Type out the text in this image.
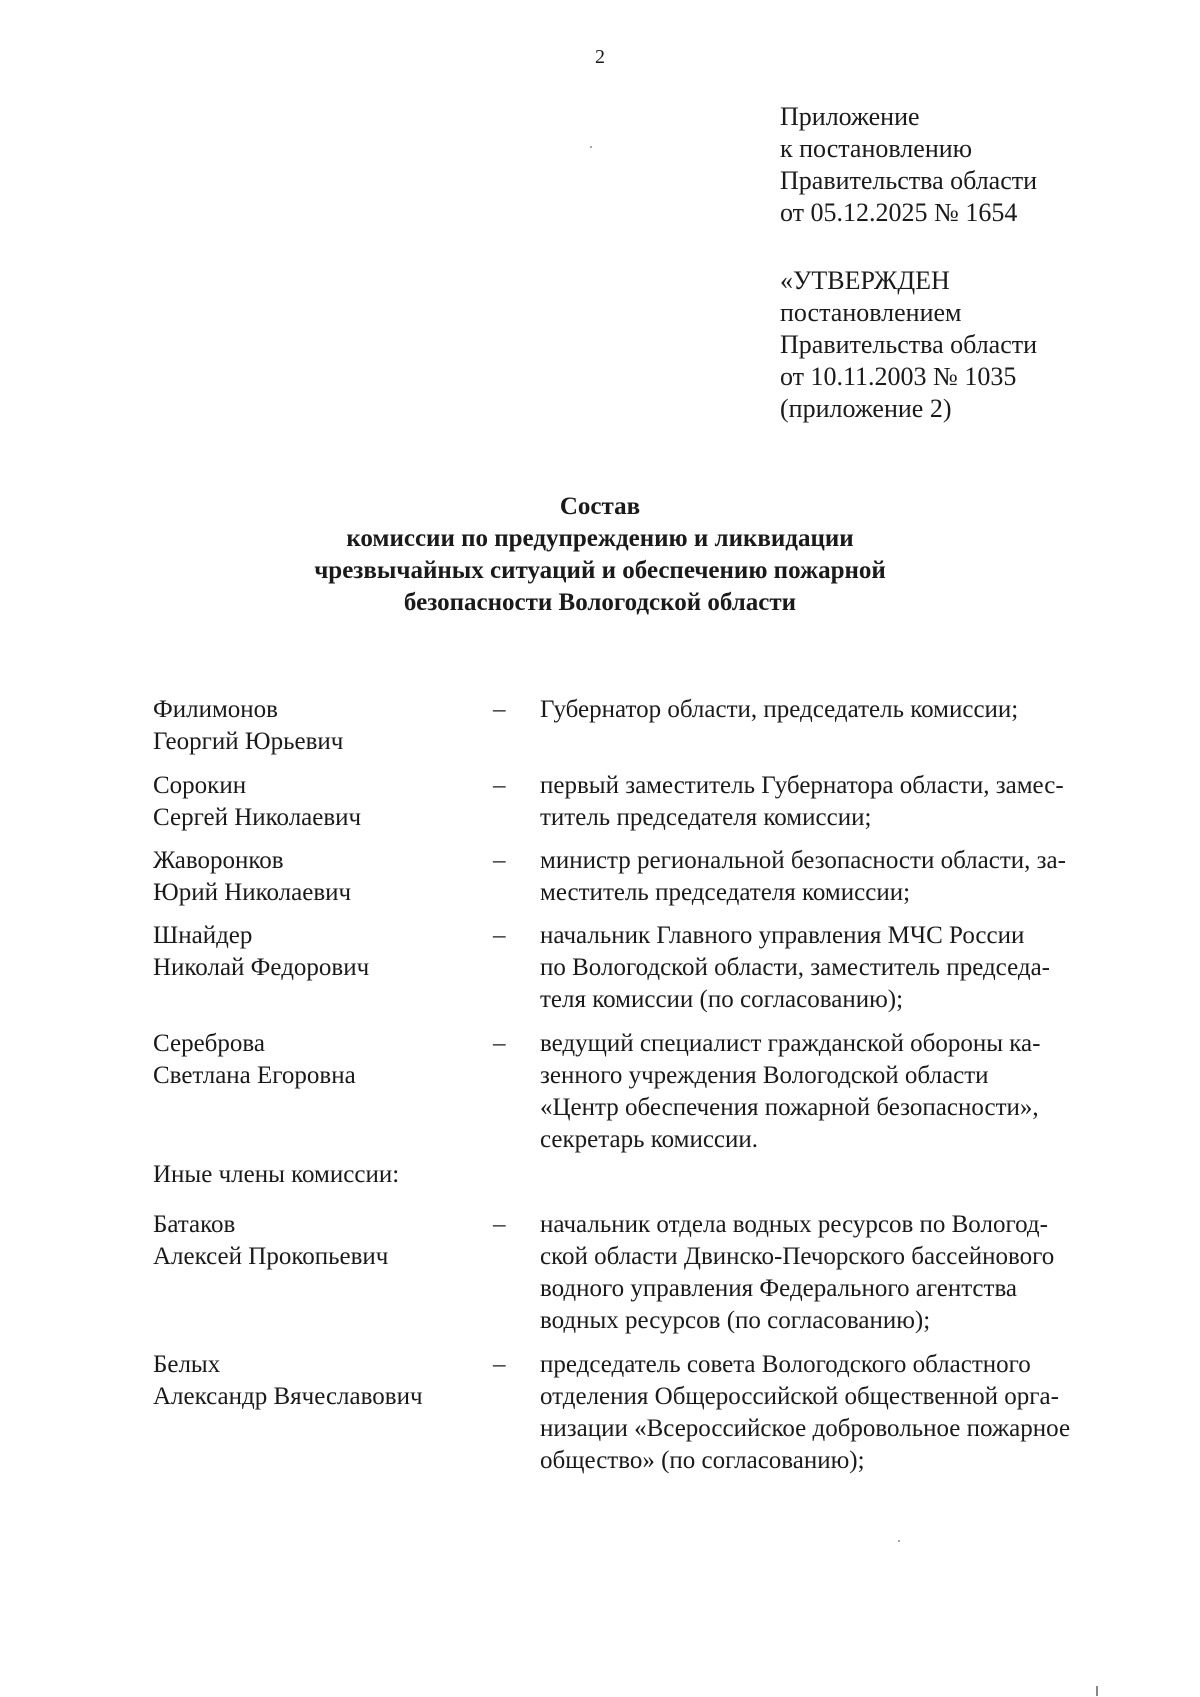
2
Приложение
к постановлению
Правительства области
от 05.12.2025 № 1654
«УТВЕРЖДЕН
постановлением
Правительства области
от 10.11.2003 № 1035
(приложение 2)
Состав
комиссии по предупреждению и ликвидации
чрезвычайных ситуаций и обеспечению пожарной
безопасности Вологодской области
Филимонов
Георгий Юрьевич
– Губернатор области, председатель комиссии;
Сорокин
Сергей Николаевич
– первый заместитель Губернатора области, замес-
титель председателя комиссии;
Жаворонков
Юрий Николаевич
– министр региональной безопасности области, за-
меститель председателя комиссии;
Шнайдер
Николай Федорович
– начальник Главного управления МЧС России
по Вологодской области, заместитель председа-
теля комиссии (по согласованию);
Сереброва
Светлана Егоровна
– ведущий специалист гражданской обороны ка-
зенного учреждения Вологодской области
«Центр обеспечения пожарной безопасности»,
секретарь комиссии.
Иные члены комиссии:
Батаков
Алексей Прокопьевич
– начальник отдела водных ресурсов по Вологод-
ской области Двинско-Печорского бассейнового
водного управления Федерального агентства
водных ресурсов (по согласованию);
Белых
Александр Вячеславович
– председатель совета Вологодского областного
отделения Общероссийской общественной орга-
низации «Всероссийское добровольное пожарное
общество» (по согласованию);
